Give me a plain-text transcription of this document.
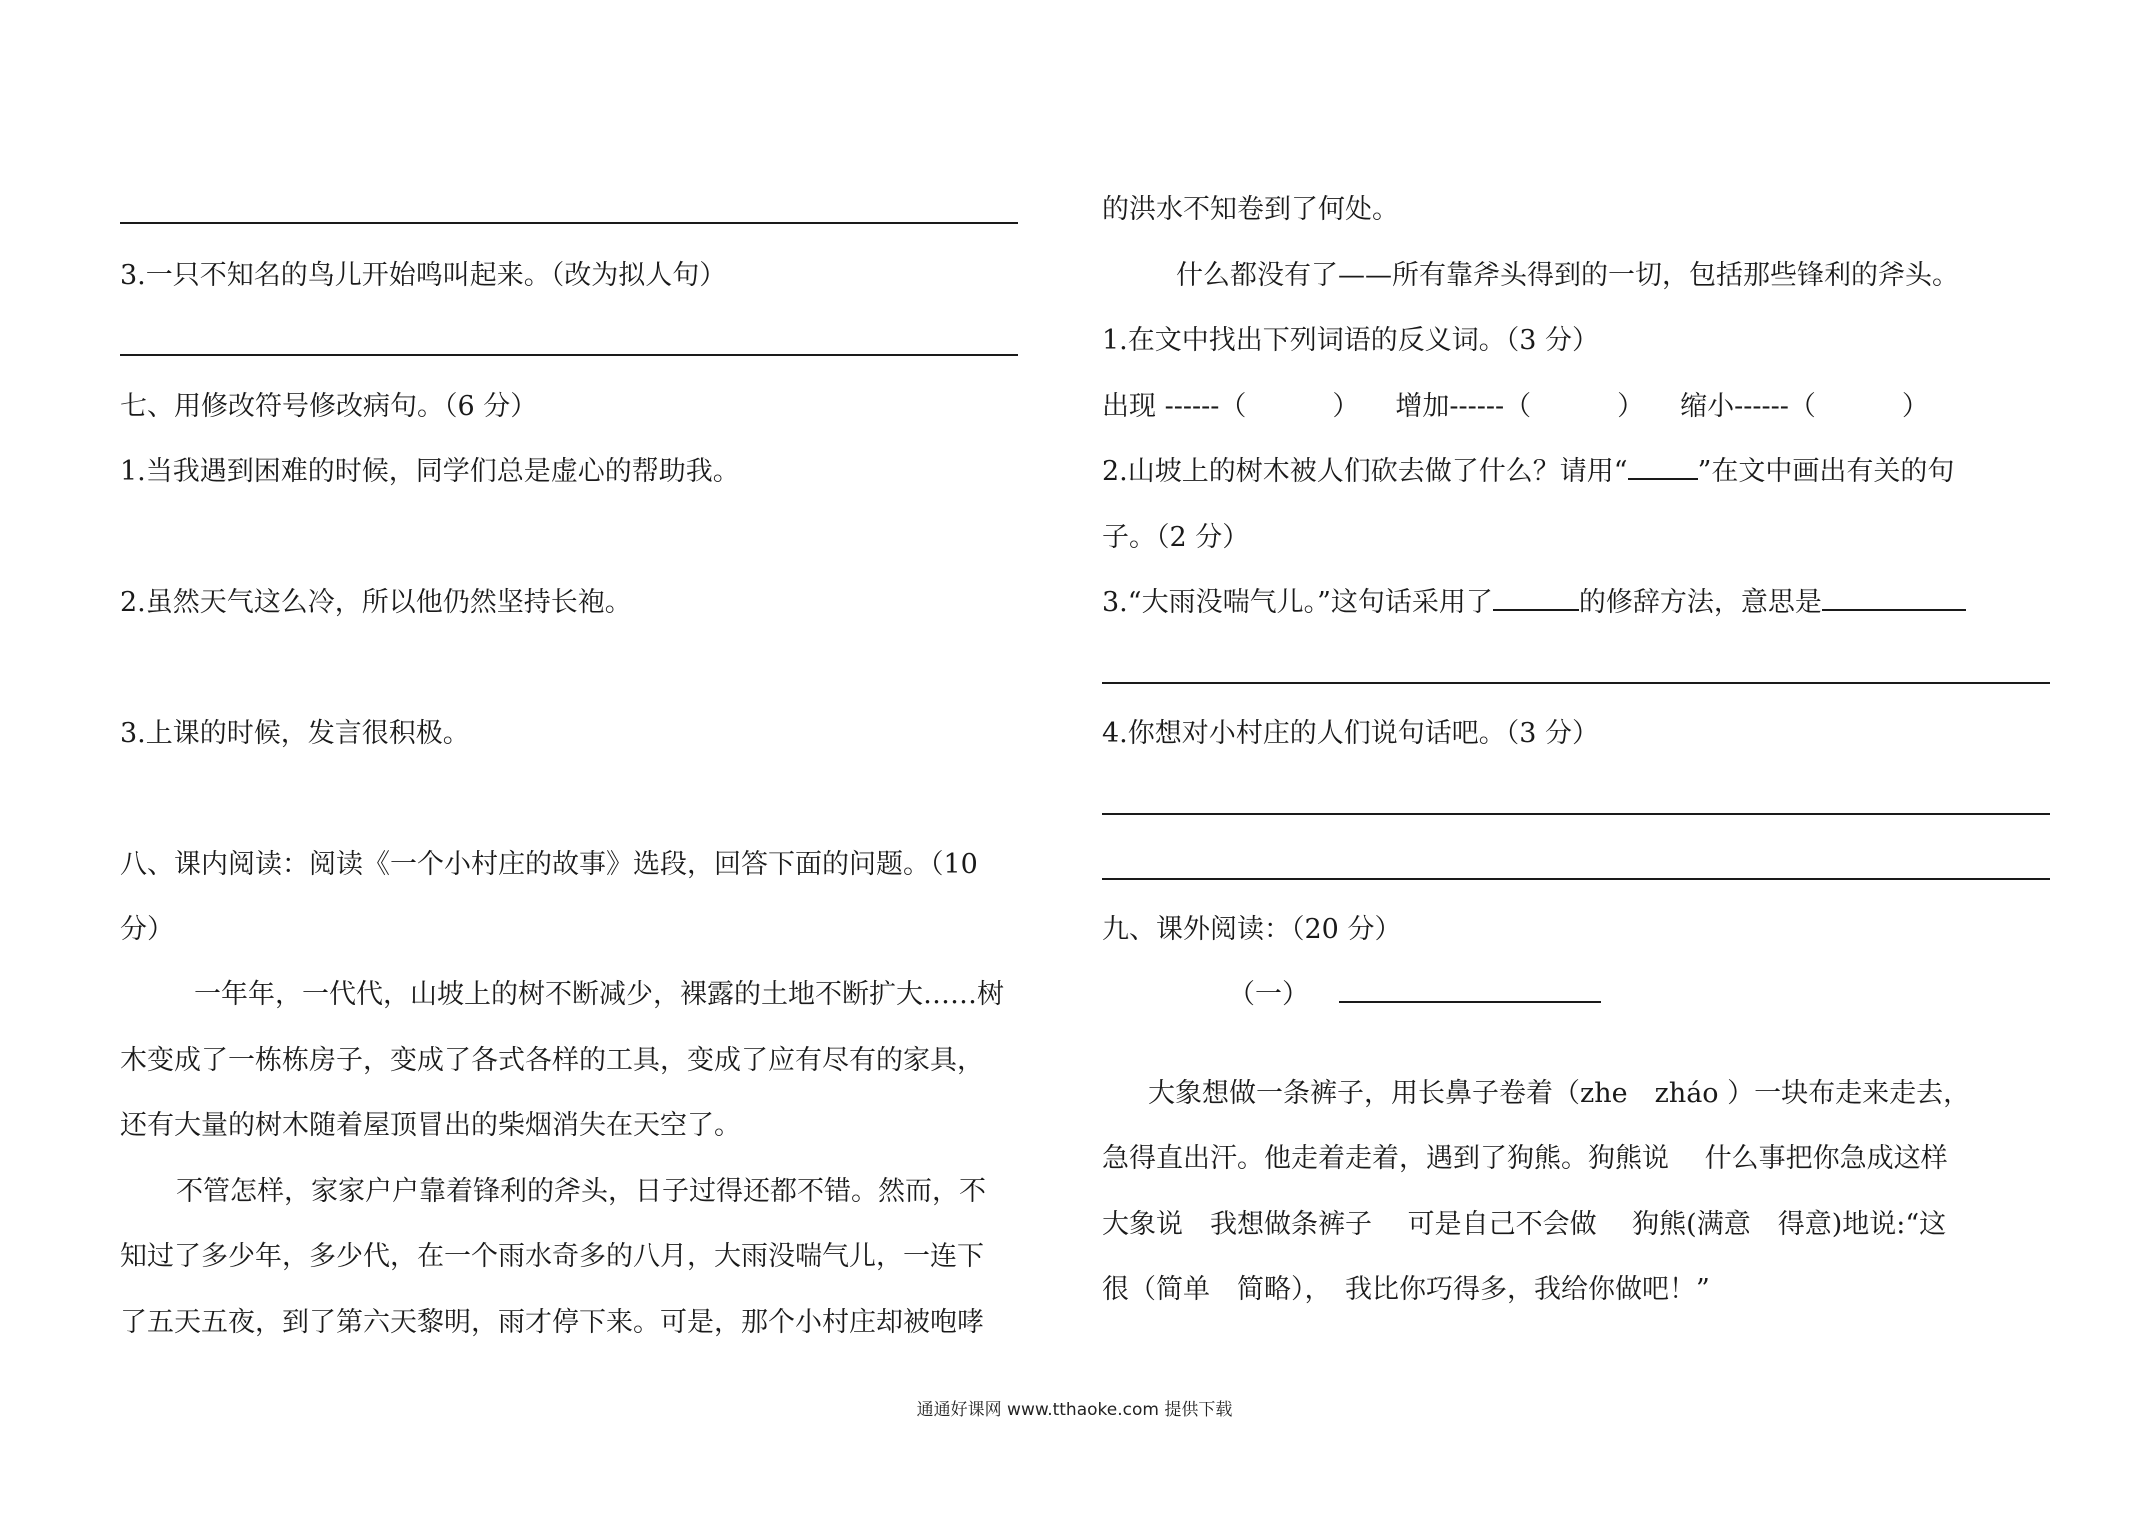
3.一只不知名的鸟儿开始鸣叫起来。（改为拟人句）
七、用修改符号修改病句。（6 分）
1.当我遇到困难的时候，同学们总是虚心的帮助我。
2.虽然天气这么冷，所以他仍然坚持长袍。
3.上课的时候，发言很积极。
八、课内阅读：阅读《一个小村庄的故事》选段，回答下面的问题。（10
分）
一年年，一代代，山坡上的树不断减少，裸露的土地不断扩大……树
木变成了一栋栋房子，变成了各式各样的工具，变成了应有尽有的家具，
还有大量的树木随着屋顶冒出的柴烟消失在天空了。
不管怎样，家家户户靠着锋利的斧头，日子过得还都不错。然而，不
知过了多少年，多少代，在一个雨水奇多的八月，大雨没喘气儿，一连下
了五天五夜，到了第六天黎明，雨才停下来。可是，那个小村庄却被咆哮
的洪水不知卷到了何处。
什么都没有了——所有靠斧头得到的一切，包括那些锋利的斧头。
1.在文中找出下列词语的反义词。（3 分）
出现 ------（	） 增加------（	） 缩小------（	）
2.山坡上的树木被人们砍去做了什么？请用“	”在文中画出有关的句
子。（2 分）
3.“大雨没喘气儿。”这句话采用了	的修辞方法，意思是
4.你想对小村庄的人们说句话吧。（3 分）
九、课外阅读：（20 分）
（一）
大象想做一条裤子，用长鼻子卷着（zhe　zháo ）一块布走来走去，
急得直出汗。他走着走着，遇到了狗熊。狗熊说　 什么事把你急成这样
大象说　我想做条裤子　 可是自己不会做　 狗熊(满意　得意)地说:“这
很（简单　简略），　我比你巧得多，我给你做吧！”
通通好课网 www.tthaoke.com 提供下载
